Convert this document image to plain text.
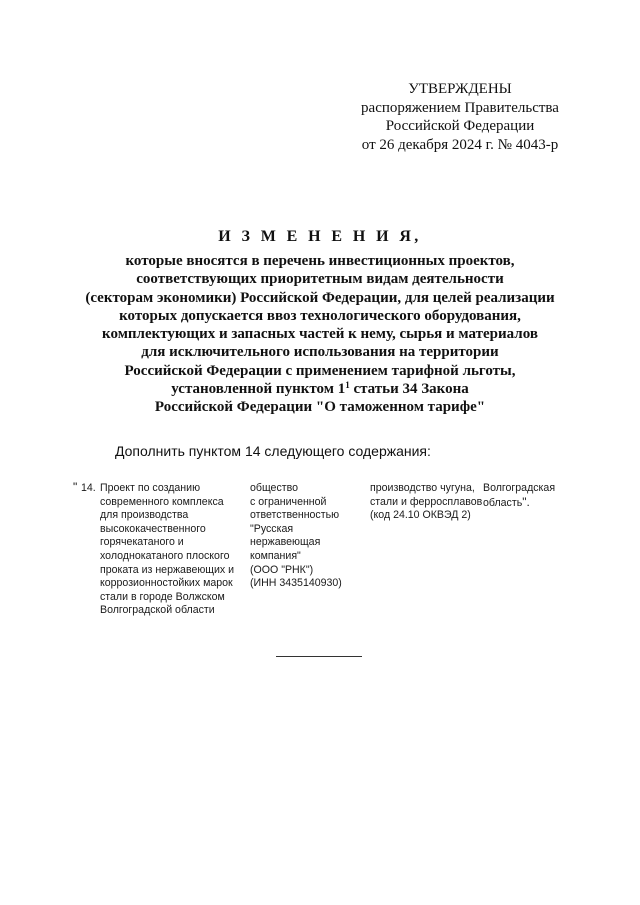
УТВЕРЖДЕНЫ
распоряжением Правительства
Российской Федерации
от 26 декабря 2024 г. № 4043-р
И З М Е Н Е Н И Я,
которые вносятся в перечень инвестиционных проектов,
соответствующих приоритетным видам деятельности
(секторам экономики) Российской Федерации, для целей реализации
которых допускается ввоз технологического оборудования,
комплектующих и запасных частей к нему, сырья и материалов
для исключительного использования на территории
Российской Федерации с применением тарифной льготы,
установленной пунктом $1^1$ статьи 34 Закона
Российской Федерации "О таможенном тарифе"
Дополнить пунктом 14 следующего содержания:
" 14. Проект по созданию
современного комплекса
для производства
высококачественного
горячекатаного и
холоднокатаного плоского
проката из нержавеющих и
коррозионностойких марок
стали в городе Волжском
Волгоградской области
общество
с ограниченной
ответственностью
"Русская
нержавеющая
компания"
(ООО "РНК")
(ИНН 3435140930)
производство чугуна,
стали и ферросплавов
(код 24.10 ОКВЭД 2)
Волгоградская
область".
